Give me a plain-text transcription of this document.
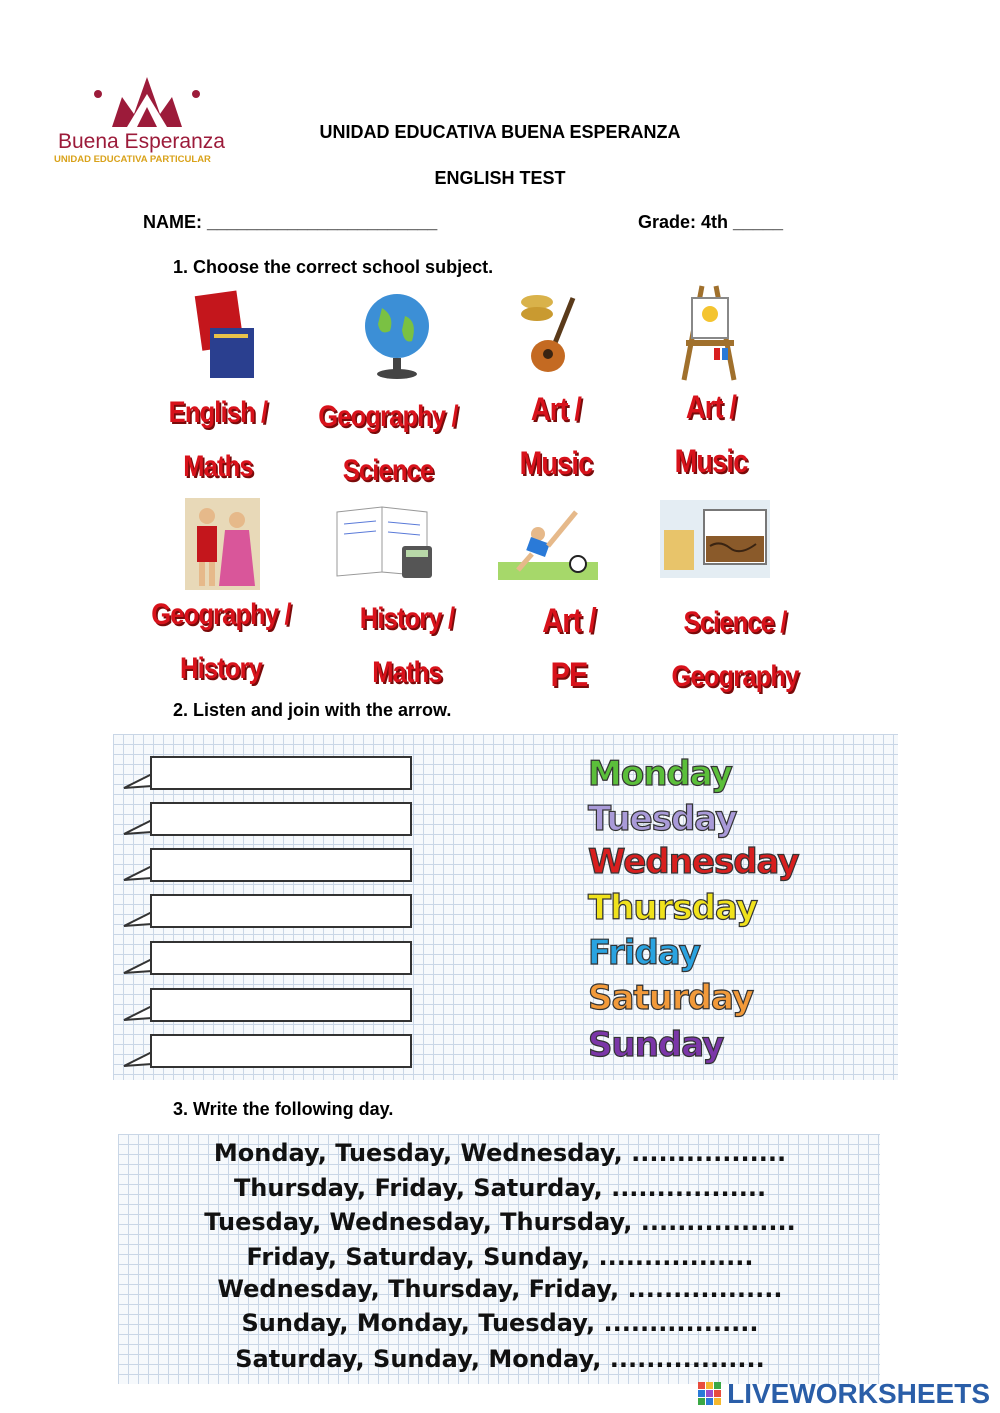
Buena Esperanza
UNIDAD EDUCATIVA PARTICULAR
UNIDAD EDUCATIVA BUENA ESPERANZA
ENGLISH TEST
NAME: _______________________	Grade: 4th _____
1. Choose the correct school subject.
English /
Maths
Geography /
Science
Art /
Music
Art /
Music
Geography /
History
History /
Maths
Art /
PE
Science /
Geography
2. Listen and join with the arrow.
Monday
Tuesday
Wednesday
Thursday
Friday
Saturday
Sunday
3. Write the following day.
Monday, Tuesday, Wednesday, .................
Thursday, Friday, Saturday, .................
Tuesday, Wednesday, Thursday, .................
Friday, Saturday, Sunday, .................
Wednesday, Thursday, Friday, .................
Sunday, Monday, Tuesday, .................
Saturday, Sunday, Monday, .................
LIVEWORKSHEETS
